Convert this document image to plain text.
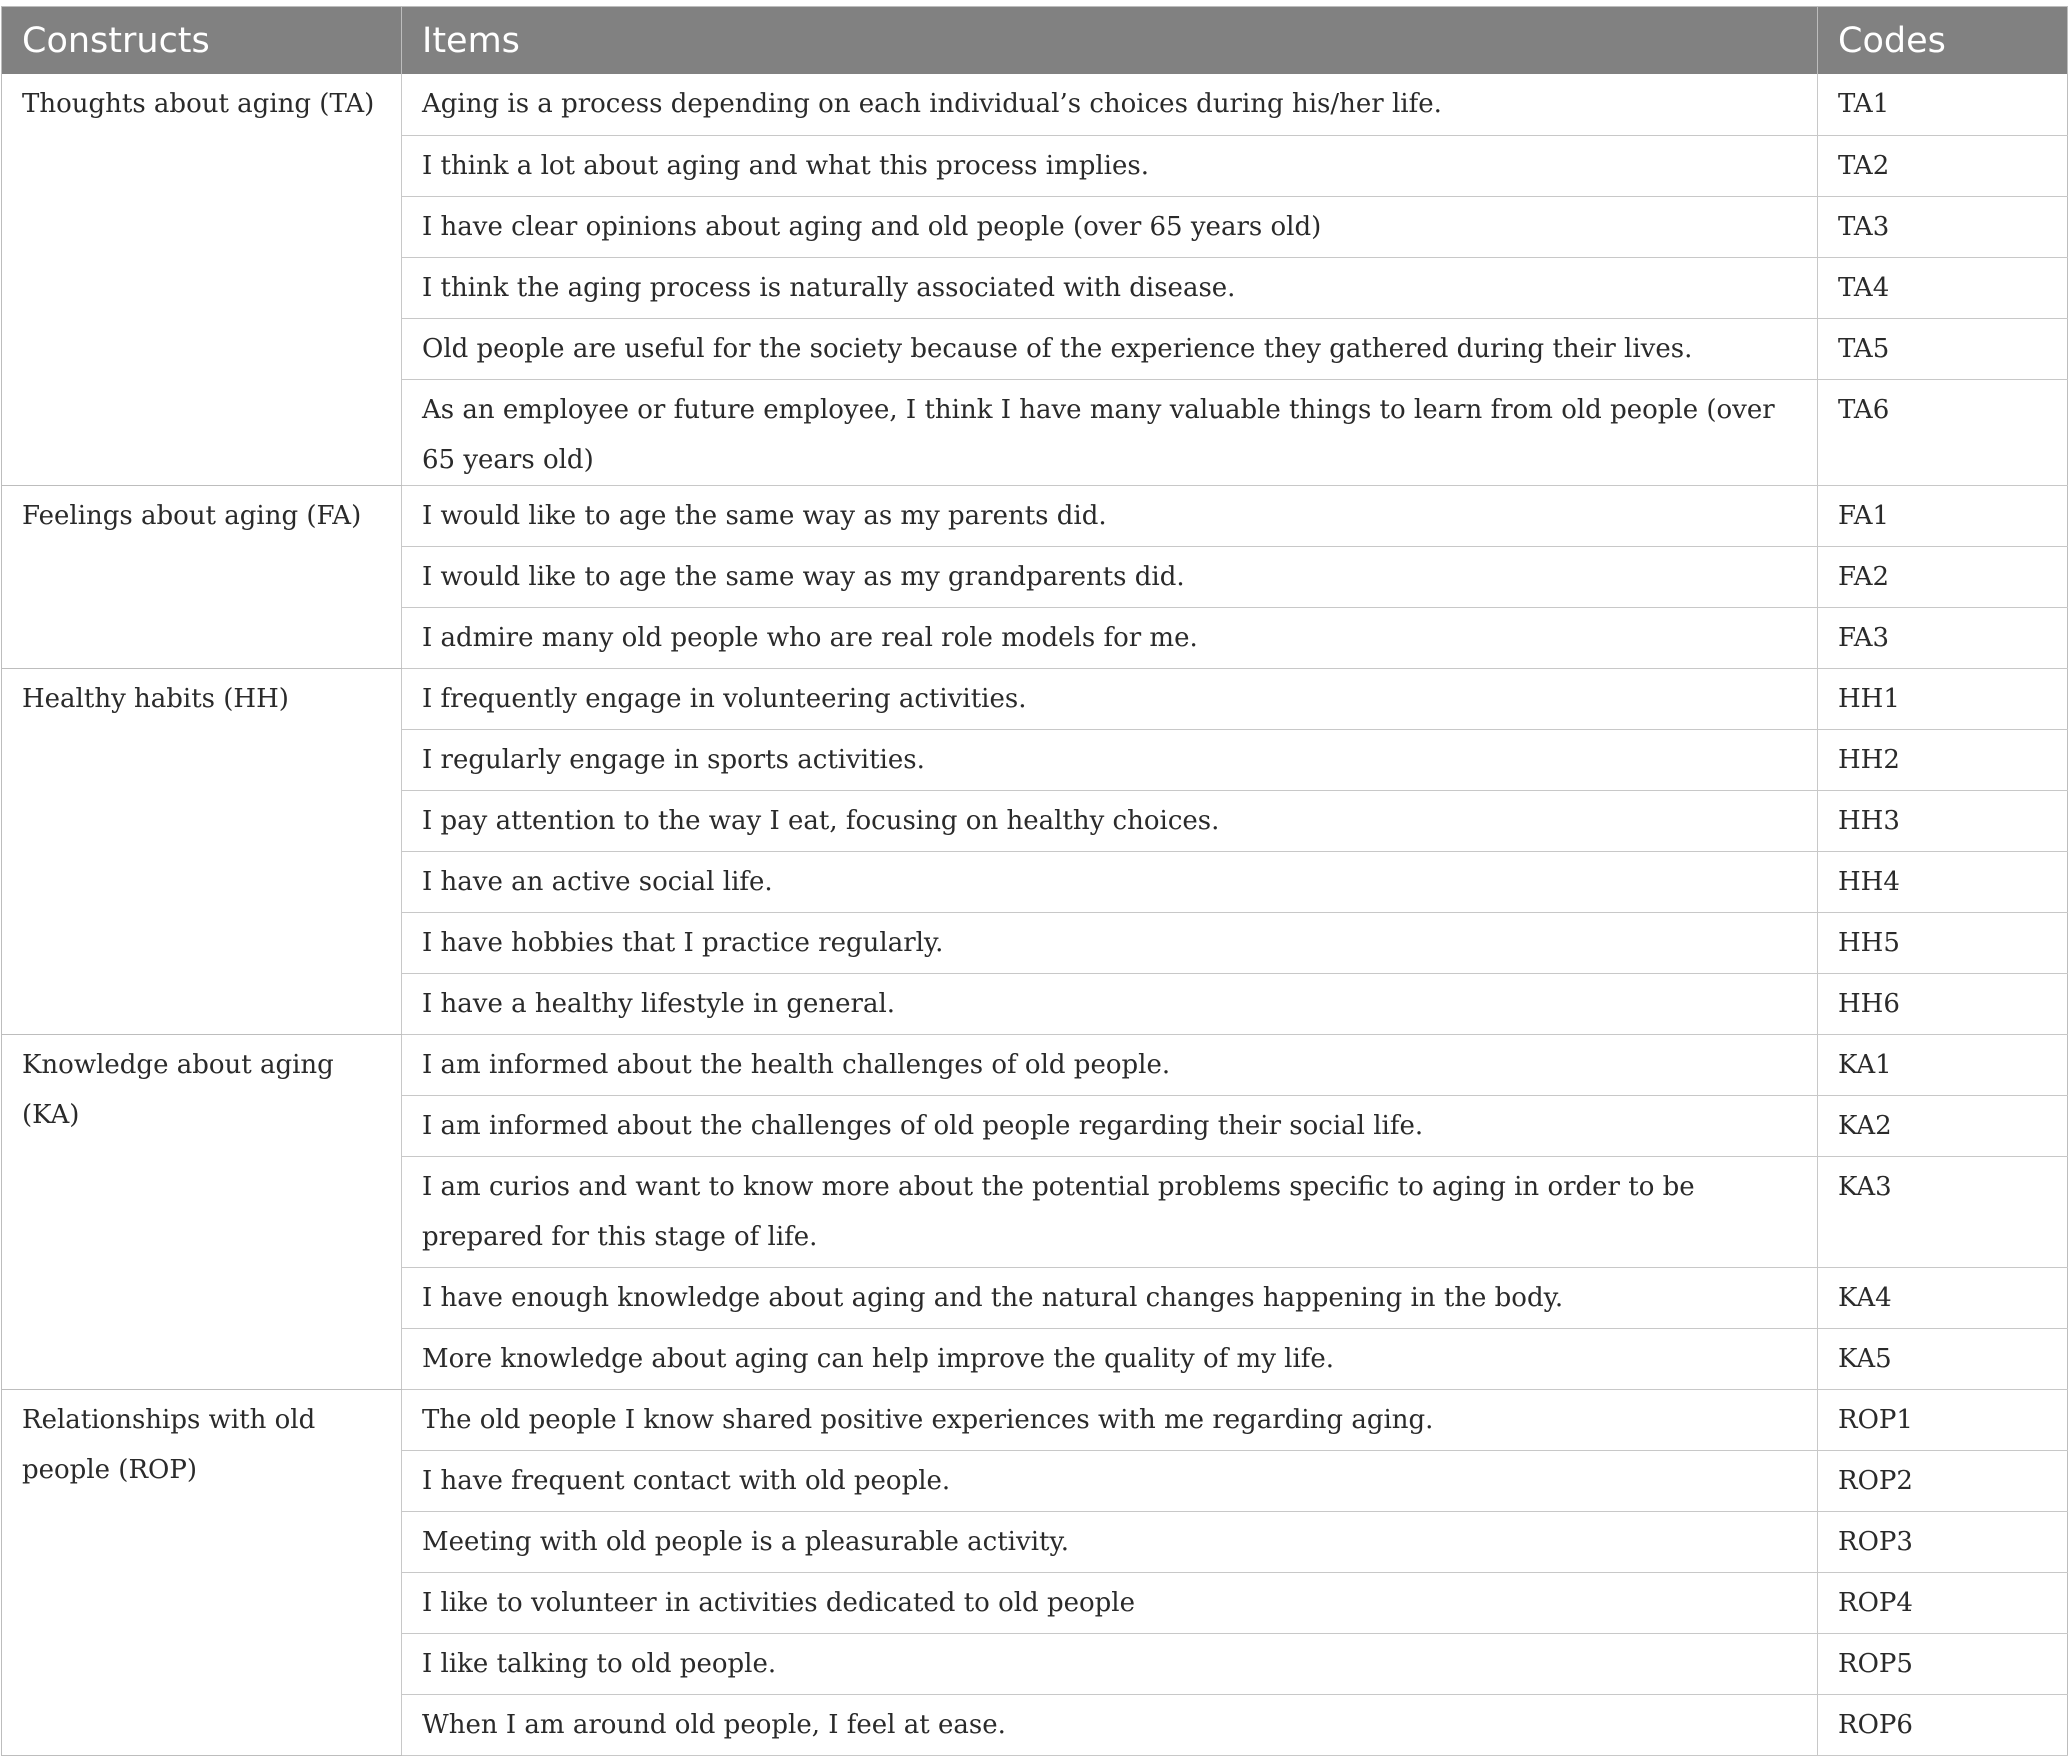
Constructs	Items	Codes
Thoughts about aging (TA)	Aging is a process depending on each individual’s choices during his/her life.	TA1
	I think a lot about aging and what this process implies.	TA2
	I have clear opinions about aging and old people (over 65 years old)	TA3
	I think the aging process is naturally associated with disease.	TA4
	Old people are useful for the society because of the experience they gathered during their lives.	TA5
	As an employee or future employee, I think I have many valuable things to learn from old people (over 65 years old)	TA6
Feelings about aging (FA)	I would like to age the same way as my parents did.	FA1
	I would like to age the same way as my grandparents did.	FA2
	I admire many old people who are real role models for me.	FA3
Healthy habits (HH)	I frequently engage in volunteering activities.	HH1
	I regularly engage in sports activities.	HH2
	I pay attention to the way I eat, focusing on healthy choices.	HH3
	I have an active social life.	HH4
	I have hobbies that I practice regularly.	HH5
	I have a healthy lifestyle in general.	HH6
Knowledge about aging (KA)	I am informed about the health challenges of old people.	KA1
	I am informed about the challenges of old people regarding their social life.	KA2
	I am curios and want to know more about the potential problems specific to aging in order to be prepared for this stage of life.	KA3
	I have enough knowledge about aging and the natural changes happening in the body.	KA4
	More knowledge about aging can help improve the quality of my life.	KA5
Relationships with old people (ROP)	The old people I know shared positive experiences with me regarding aging.	ROP1
	I have frequent contact with old people.	ROP2
	Meeting with old people is a pleasurable activity.	ROP3
	I like to volunteer in activities dedicated to old people	ROP4
	I like talking to old people.	ROP5
	When I am around old people, I feel at ease.	ROP6
